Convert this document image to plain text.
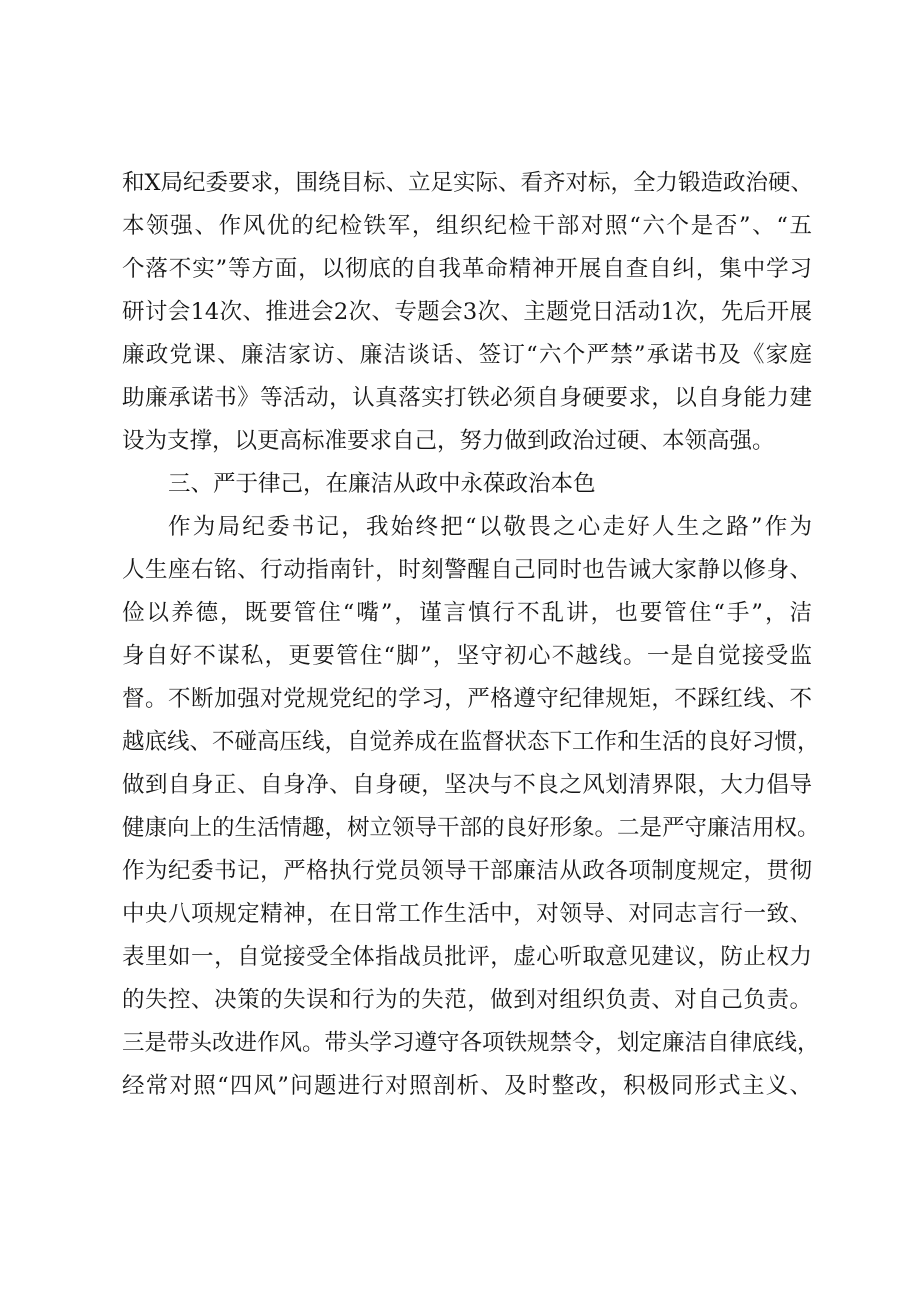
和X局纪委要求，围绕目标、立足实际、看齐对标，全力锻造政治硬、
本领强、作风优的纪检铁军，组织纪检干部对照“六个是否”、“五
个落不实”等方面，以彻底的自我革命精神开展自查自纠，集中学习
研讨会14次、推进会2次、专题会3次、主题党日活动1次，先后开展
廉政党课、廉洁家访、廉洁谈话、签订“六个严禁”承诺书及《家庭
助廉承诺书》等活动，认真落实打铁必须自身硬要求，以自身能力建
设为支撑，以更高标准要求自己，努力做到政治过硬、本领高强。
三、严于律己，在廉洁从政中永葆政治本色
作为局纪委书记，我始终把“以敬畏之心走好人生之路”作为
人生座右铭、行动指南针，时刻警醒自己同时也告诫大家静以修身、
俭以养德，既要管住“嘴”，谨言慎行不乱讲，也要管住“手”，洁
身自好不谋私，更要管住“脚”，坚守初心不越线。一是自觉接受监
督。不断加强对党规党纪的学习，严格遵守纪律规矩，不踩红线、不
越底线、不碰高压线，自觉养成在监督状态下工作和生活的良好习惯，
做到自身正、自身净、自身硬，坚决与不良之风划清界限，大力倡导
健康向上的生活情趣，树立领导干部的良好形象。二是严守廉洁用权。
作为纪委书记，严格执行党员领导干部廉洁从政各项制度规定，贯彻
中央八项规定精神，在日常工作生活中，对领导、对同志言行一致、
表里如一，自觉接受全体指战员批评，虚心听取意见建议，防止权力
的失控、决策的失误和行为的失范，做到对组织负责、对自己负责。
三是带头改进作风。带头学习遵守各项铁规禁令，划定廉洁自律底线，
经常对照“四风”问题进行对照剖析、及时整改，积极同形式主义、
